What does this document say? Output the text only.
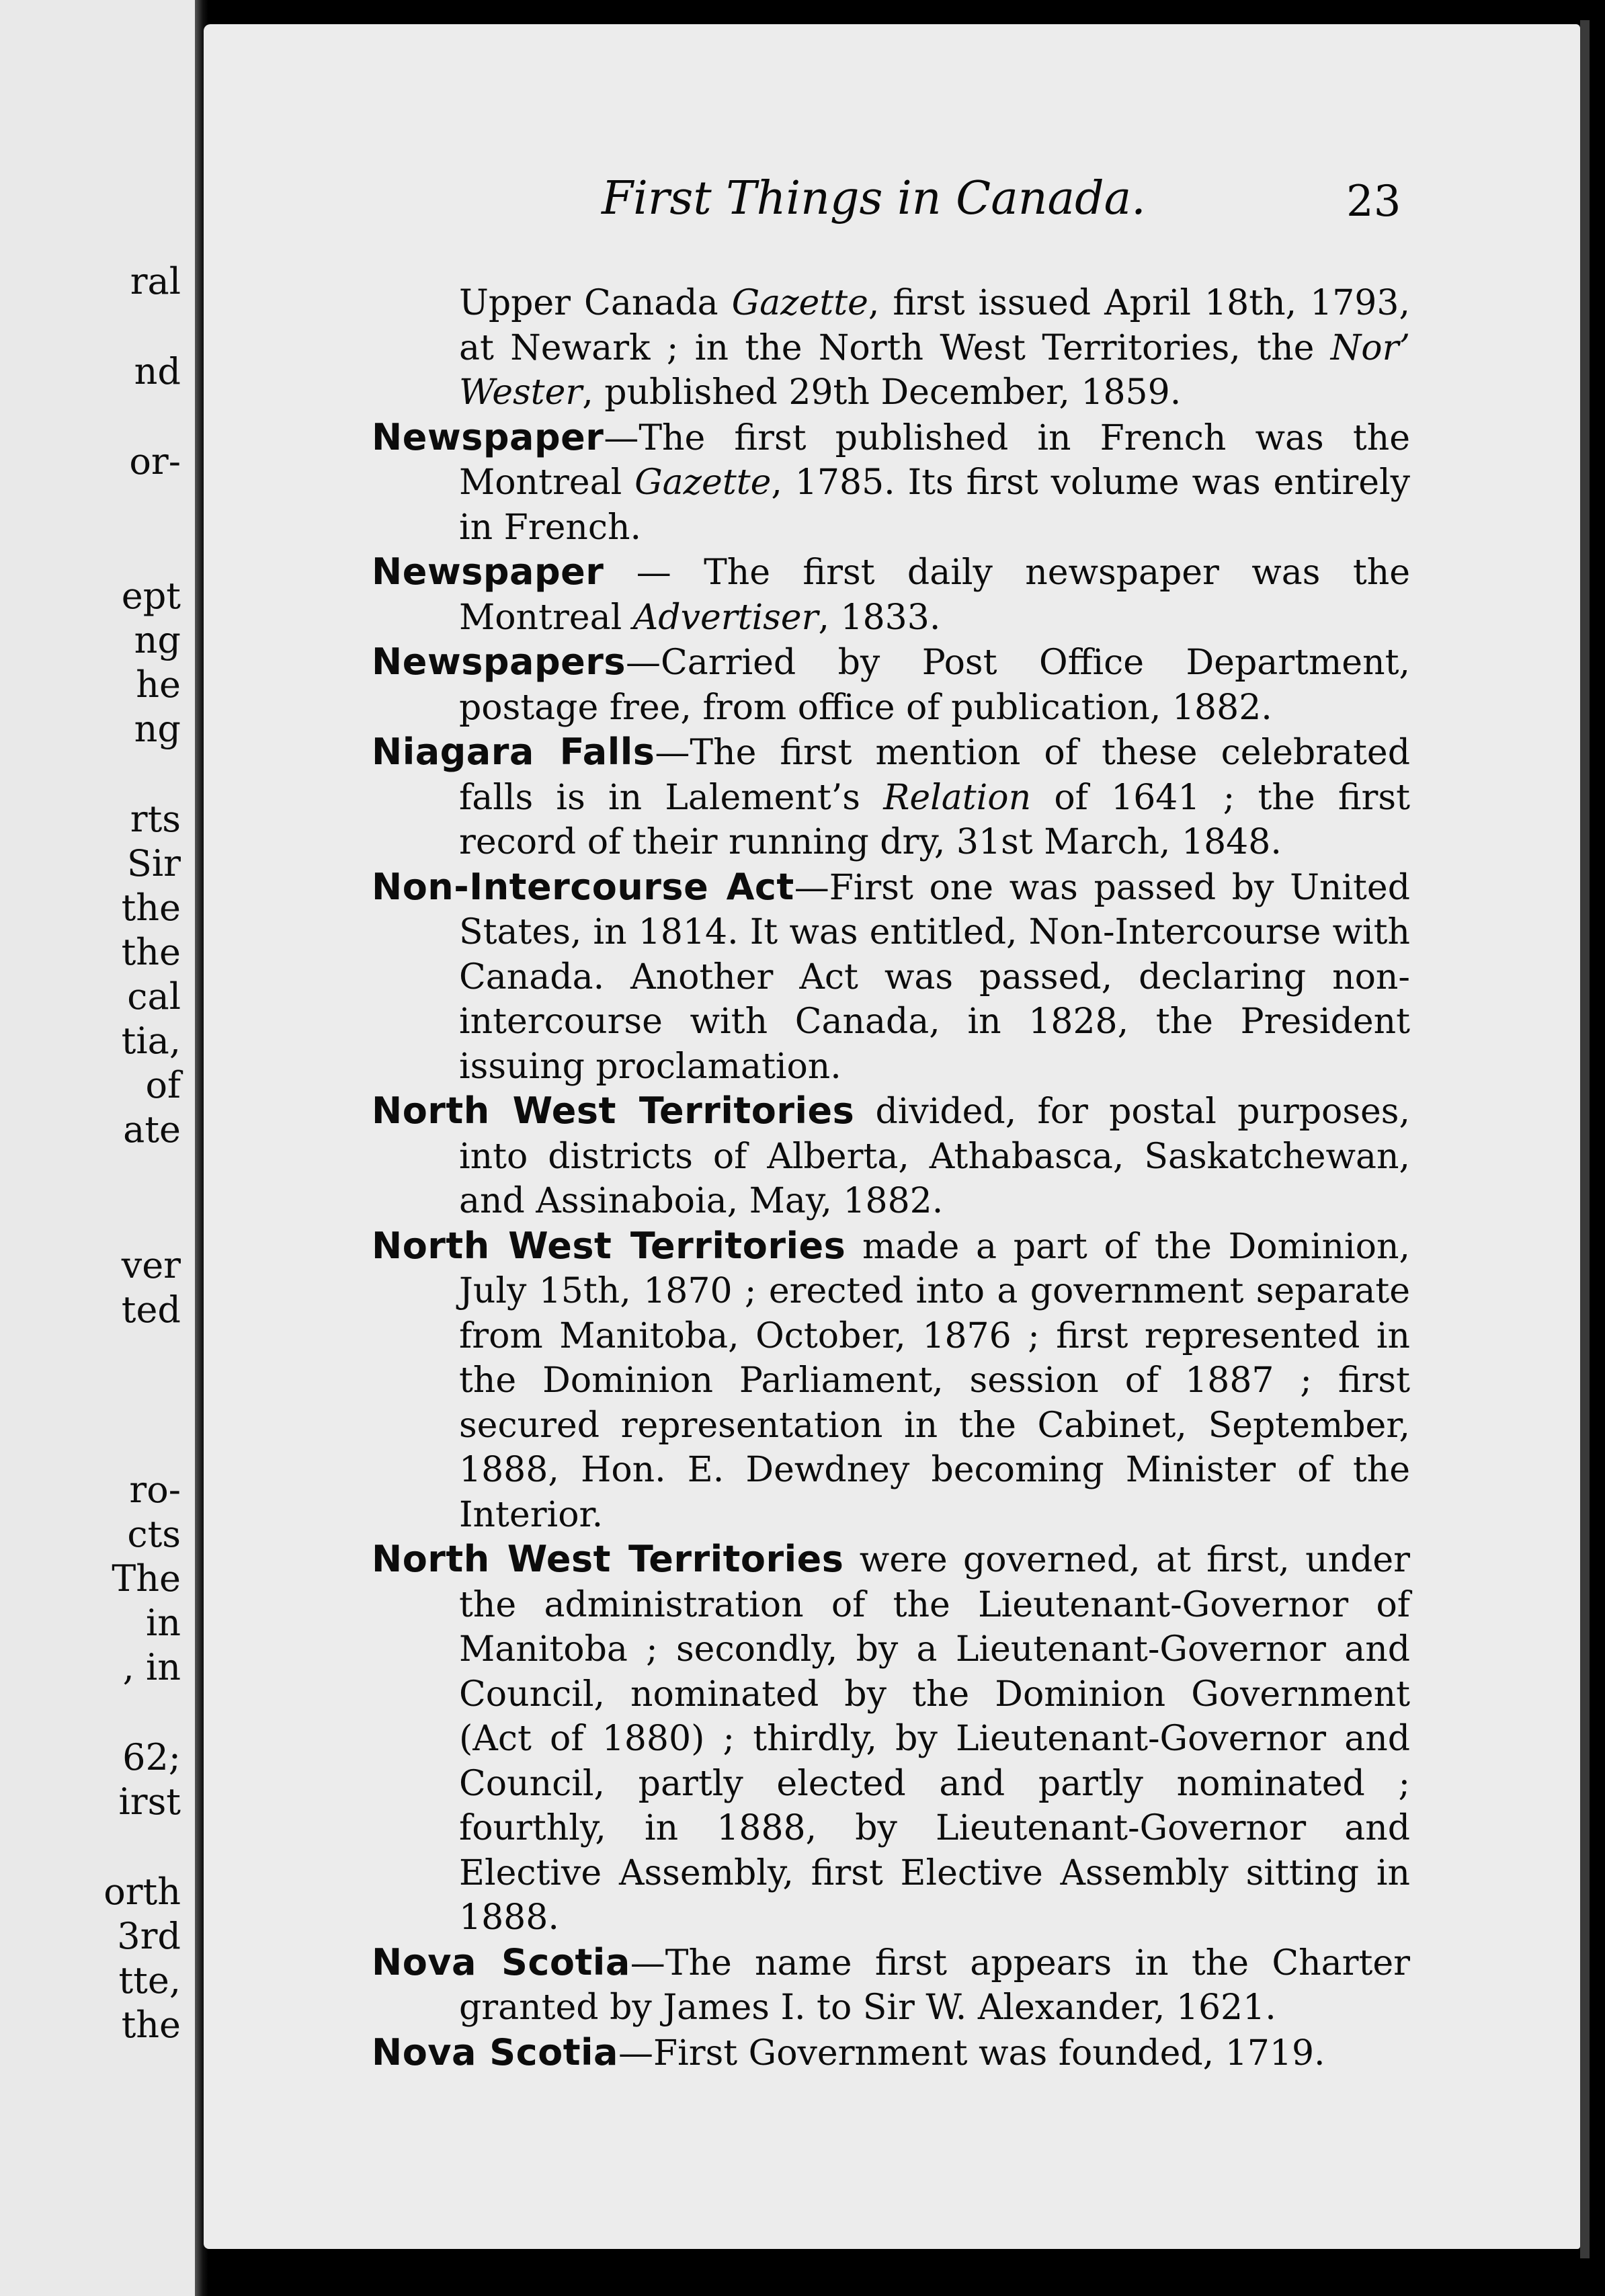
ral
nd
or-
ept
ng
he
ng
rts
Sir
the
the
cal
tia,
of
ate
ver
ted
ro-
cts
The
in
, in
62;
irst
orth
3rd
tte,
the
First Things in Canada.	23

Upper Canada Gazette, first issued April 18th, 1793, at Newark ; in the North West Territories, the Nor’ Wester, published 29th December, 1859.

Newspaper—The first published in French was the Montreal Gazette, 1785. Its first volume was entirely in French.

Newspaper — The first daily newspaper was the Montreal Advertiser, 1833.

Newspapers—Carried by Post Office Department, postage free, from office of publication, 1882.

Niagara Falls—The first mention of these celebrated falls is in Lalement’s Relation of 1641 ; the first record of their running dry, 31st March, 1848.

Non-Intercourse Act—First one was passed by United States, in 1814. It was entitled, Non-Intercourse with Canada. Another Act was passed, declaring non-intercourse with Canada, in 1828, the President issuing proclamation.

North West Territories divided, for postal purposes, into districts of Alberta, Athabasca, Saskatchewan, and Assinaboia, May, 1882.

North West Territories made a part of the Dominion, July 15th, 1870 ; erected into a government separate from Manitoba, October, 1876 ; first represented in the Dominion Parliament, session of 1887 ; first secured representation in the Cabinet, September, 1888, Hon. E. Dewdney becoming Minister of the Interior.

North West Territories were governed, at first, under the administration of the Lieutenant-Governor of Manitoba ; secondly, by a Lieutenant-Governor and Council, nominated by the Dominion Government (Act of 1880) ; thirdly, by Lieutenant-Governor and Council, partly elected and partly nominated ; fourthly, in 1888, by Lieutenant-Governor and Elective Assembly, first Elective Assembly sitting in 1888.

Nova Scotia—The name first appears in the Charter granted by James I. to Sir W. Alexander, 1621.

Nova Scotia—First Government was founded, 1719.
